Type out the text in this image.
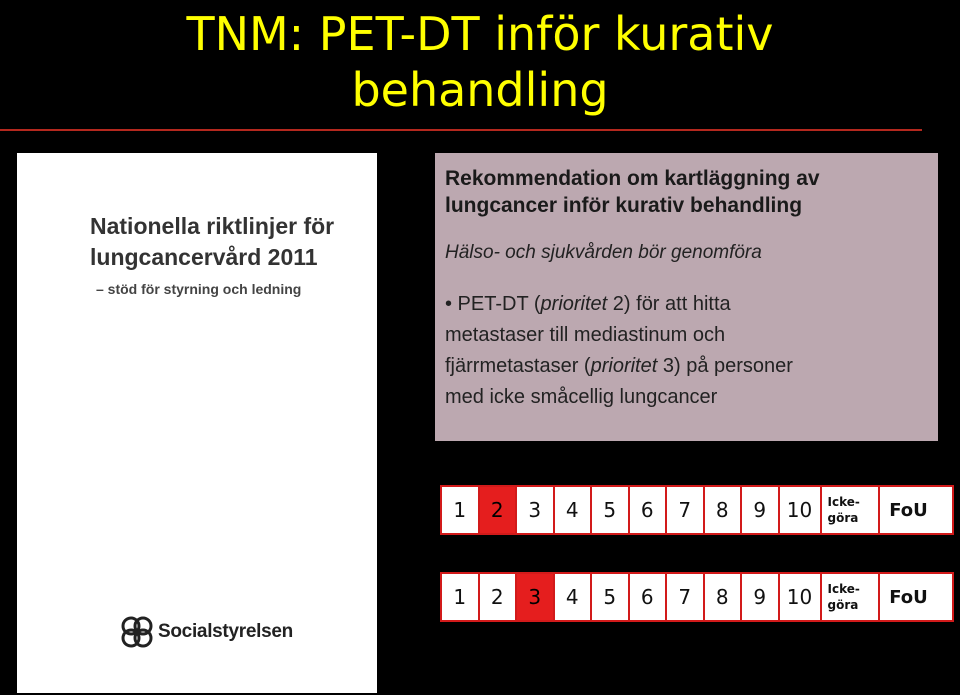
TNM: PET-DT inför kurativ
behandling
Nationella riktlinjer för
lungcancervård 2011
– stöd för styrning och ledning
Socialstyrelsen
Rekommendation om kartläggning av
lungcancer inför kurativ behandling
Hälso- och sjukvården bör genomföra
• PET-DT (prioritet 2) för att hitta
metastaser till mediastinum och
fjärrmetastaser (prioritet 3) på personer
med icke småcellig lungcancer
1	2	3	4	5	6	7	8	9	10	Icke-
göra	FoU
1	2	3	4	5	6	7	8	9	10	Icke-
göra	FoU
